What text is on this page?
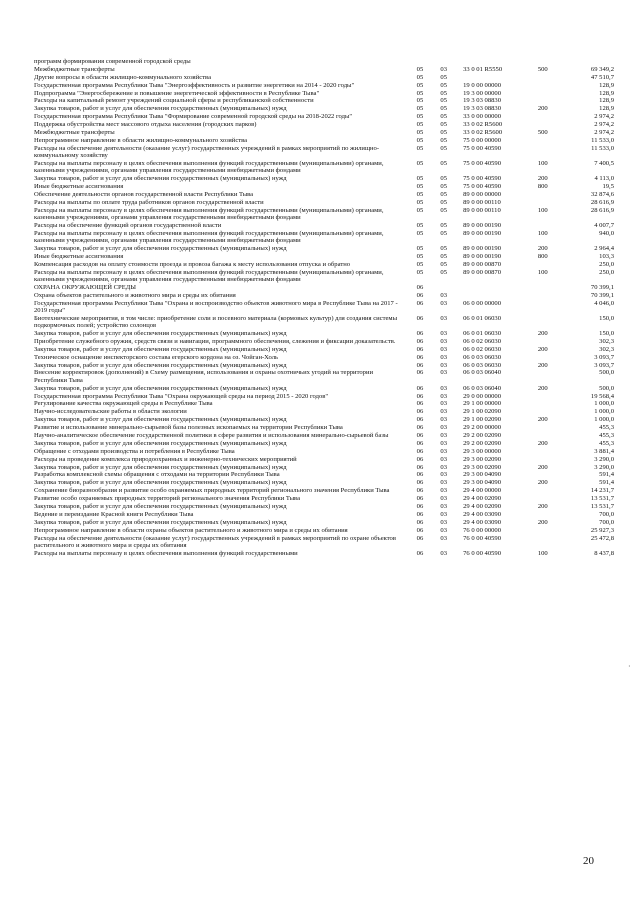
программ формирования современной городской среды					
Межбюджетные трансферты	05	03	33 0 01 R5550	500	69 349,2
Другие вопросы в области жилищно-коммунального хозяйства	05	05			47 510,7
Государственная программа Республики Тыва "Энергоэффективность и развитие энергетики на 2014 - 2020 годы"	05	05	19 0 00 00000		128,9
Подпрограмма "Энергосбережение и повышение энергетической эффективности в Республике Тыва"	05	05	19 3 00 00000		128,9
Расходы на капитальный ремонт учреждений социальной сферы и республиканской собственности	05	05	19 3 03 08830		128,9
Закупка товаров, работ и услуг для обеспечения государственных (муниципальных) нужд	05	05	19 3 03 08830	200	128,9
Государственная программа Республики Тыва "Формирование современной городской среды на 2018-2022 годы"	05	05	33 0 00 00000		2 974,2
Поддержка обустройства мест массового отдыха населения (городских парков)	05	05	33 0 02 R5600		2 974,2
Межбюджетные трансферты	05	05	33 0 02 R5600	500	2 974,2
Непрограммное направление в области жилищно-коммунального хозяйства	05	05	75 0 00 00000		11 533,0
Расходы на обеспечение деятельности (оказание услуг) государственных учреждений в рамках мероприятий по жилищно-коммунальному хозяйству	05	05	75 0 00 40590		11 533,0
Расходы на выплаты персоналу в целях обеспечения выполнения функций государственными (муниципальными) органами, казенными учреждениями, органами управления государственными внебюджетными фондами	05	05	75 0 00 40590	100	7 400,5
Закупка товаров, работ и услуг для обеспечения государственных (муниципальных) нужд	05	05	75 0 00 40590	200	4 113,0
Иные бюджетные ассигнования	05	05	75 0 00 40590	800	19,5
Обеспечение деятельности органов государственной власти Республики Тыва	05	05	89 0 00 00000		32 874,6
Расходы на выплаты по оплате труда работников органов государственной власти	05	05	89 0 00 00110		28 616,9
Расходы на выплаты персоналу в целях обеспечения выполнения функций государственными (муниципальными) органами, казенными учреждениями, органами управления государственными внебюджетными фондами	05	05	89 0 00 00110	100	28 616,9
Расходы на обеспечение функций органов государственной власти	05	05	89 0 00 00190		4 007,7
Расходы на выплаты персоналу в целях обеспечения выполнения функций государственными (муниципальными) органами, казенными учреждениями, органами управления государственными внебюджетными фондами	05	05	89 0 00 00190	100	940,0
Закупка товаров, работ и услуг для обеспечения государственных (муниципальных) нужд	05	05	89 0 00 00190	200	2 964,4
Иные бюджетные ассигнования	05	05	89 0 00 00190	800	103,3
Компенсация расходов на оплату стоимости проезда и провоза багажа к месту использования отпуска и обратно	05	05	89 0 00 00870		250,0
Расходы на выплаты персоналу в целях обеспечения выполнения функций государственными (муниципальными) органами, казенными учреждениями, органами управления государственными внебюджетными фондами	05	05	89 0 00 00870	100	250,0
ОХРАНА ОКРУЖАЮЩЕЙ СРЕДЫ	06				70 399,1
Охрана объектов растительного и животного мира и среды их обитания	06	03			70 399,1
Государственная программа Республики Тыва "Охрана и воспроизводство объектов животного мира в Республике Тыва на 2017 - 2019 годы"	06	03	06 0 00 00000		4 046,0
Биотехнические мероприятия, в том числе: приобретение соли и посевного материала (кормовых культур) для создания системы подкормочных полей; устройство солонцов	06	03	06 0 01 06030		150,0
Закупка товаров, работ и услуг для обеспечения государственных (муниципальных) нужд	06	03	06 0 01 06030	200	150,0
Приобретение служебного оружия, средств связи и навигации, программного обеспечения, слежения и фиксации доказательств.	06	03	06 0 02 06030		302,3
Закупка товаров, работ и услуг для обеспечения государственных (муниципальных) нужд	06	03	06 0 02 06030	200	302,3
Техническое оснащение инспекторского состава егерского кордона на оз. Чойган-Холь	06	03	06 0 03 06030		3 093,7
Закупка товаров, работ и услуг для обеспечения государственных (муниципальных) нужд	06	03	06 0 03 06030	200	3 093,7
Внесение корректировок (дополнений) в Схему размещения, использования и охраны охотничьих угодий на территории Республики Тыва	06	03	06 0 03 06040		500,0
Закупка товаров, работ и услуг для обеспечения государственных (муниципальных) нужд	06	03	06 0 03 06040	200	500,0
Государственная программа Республики Тыва "Охрана окружающей среды на период 2015 - 2020 годов"	06	03	29 0 00 00000		19 568,4
Регулирование качества окружающей среды в Республике Тыва	06	03	29 1 00 00000		1 000,0
Научно-исследовательские работы в области экологии	06	03	29 1 00 02090		1 000,0
Закупка товаров, работ и услуг для обеспечения государственных (муниципальных) нужд	06	03	29 1 00 02090	200	1 000,0
Развитие и использование минерально-сырьевой базы полезных ископаемых на территории Республики Тыва	06	03	29 2 00 00000		455,3
Научно-аналитическое обеспечение государственной политики в сфере развития и использования минерально-сырьевой базы	06	03	29 2 00 02090		455,3
Закупка товаров, работ и услуг для обеспечения государственных (муниципальных) нужд	06	03	29 2 00 02090	200	455,3
Обращение с отходами производства и потребления в Республике Тыва	06	03	29 3 00 00000		3 881,4
Расходы на проведение комплекса природоохранных и инженерно-технических мероприятий	06	03	29 3 00 02090		3 290,0
Закупка товаров, работ и услуг для обеспечения государственных (муниципальных) нужд	06	03	29 3 00 02090	200	3 290,0
Разработка комплексной схемы обращения с отходами на территории Республики Тыва	06	03	29 3 00 04090		591,4
Закупка товаров, работ и услуг для обеспечения государственных (муниципальных) нужд	06	03	29 3 00 04090	200	591,4
Сохранение биоразнообразия и развитие особо охраняемых природных территорий регионального значения Республики Тыва	06	03	29 4 00 00000		14 231,7
Развитие особо охраняемых природных территорий регионального значения Республики Тыва	06	03	29 4 00 02090		13 531,7
Закупка товаров, работ и услуг для обеспечения государственных (муниципальных) нужд	06	03	29 4 00 02090	200	13 531,7
Ведение и переиздание Красной книги Республики Тыва	06	03	29 4 00 03090		700,0
Закупка товаров, работ и услуг для обеспечения государственных (муниципальных) нужд	06	03	29 4 00 03090	200	700,0
Непрограммное направление в области охраны объектов растительного и животного мира и среды их обитания	06	03	76 0 00 00000		25 927,3
Расходы на обеспечение деятельности (оказание услуг) государственных учреждений в рамках мероприятий по охране объектов растительного и животного мира и среды их обитания	06	03	76 0 00 40590		25 472,8
Расходы на выплаты персоналу в целях обеспечения выполнения функций государственными	06	03	76 0 00 40590	100	8 437,8
20
·
